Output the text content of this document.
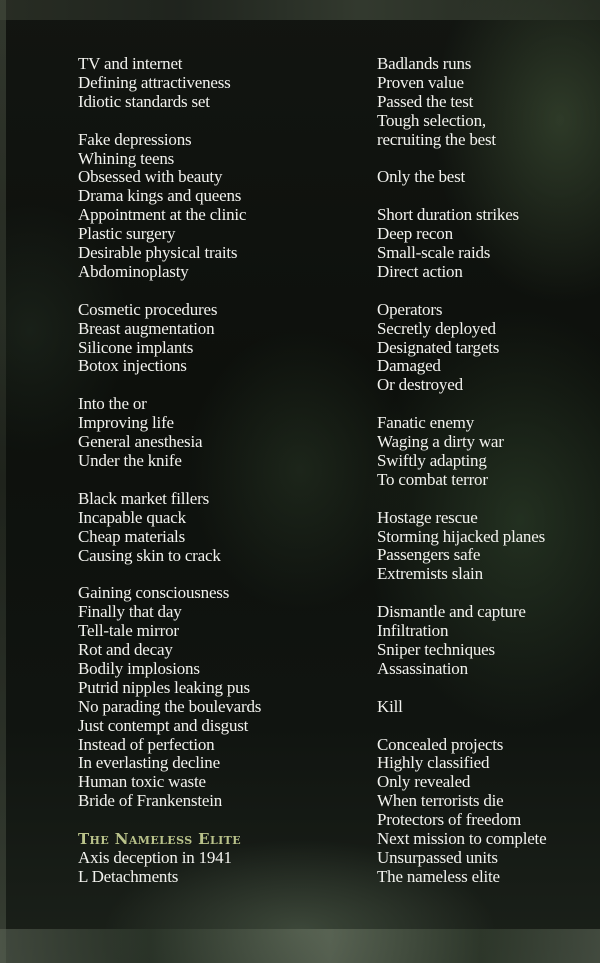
TV and internet
Defining attractiveness
Idiotic standards set
Fake depressions
Whining teens
Obsessed with beauty
Drama kings and queens
Appointment at the clinic
Plastic surgery
Desirable physical traits
Abdominoplasty
Cosmetic procedures
Breast augmentation
Silicone implants
Botox injections
Into the or
Improving life
General anesthesia
Under the knife
Black market fillers
Incapable quack
Cheap materials
Causing skin to crack
Gaining consciousness
Finally that day
Tell-tale mirror
Rot and decay
Bodily implosions
Putrid nipples leaking pus
No parading the boulevards
Just contempt and disgust
Instead of perfection
In everlasting decline
Human toxic waste
Bride of Frankenstein
The Nameless Elite
Axis deception in 1941
L Detachments
Badlands runs
Proven value
Passed the test
Tough selection,
recruiting the best
Only the best
Short duration strikes
Deep recon
Small-scale raids
Direct action
Operators
Secretly deployed
Designated targets
Damaged
Or destroyed
Fanatic enemy
Waging a dirty war
Swiftly adapting
To combat terror
Hostage rescue
Storming hijacked planes
Passengers safe
Extremists slain
Dismantle and capture
Infiltration
Sniper techniques
Assassination
Kill
Concealed projects
Highly classified
Only revealed
When terrorists die
Protectors of freedom
Next mission to complete
Unsurpassed units
The nameless elite
